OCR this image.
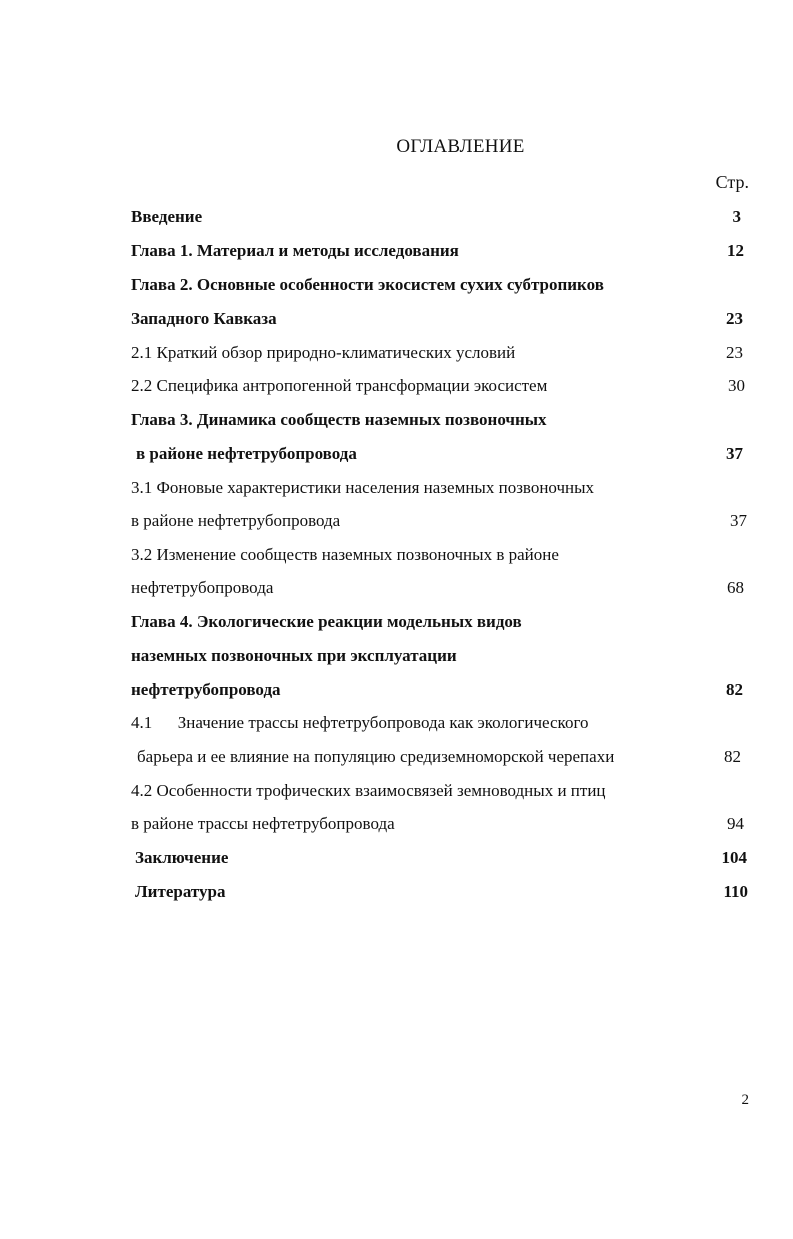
ОГЛАВЛЕНИЕ
Стр.
Введение	3
Глава 1. Материал и методы исследования	12
Глава 2. Основные особенности экосистем сухих субтропиков
Западного Кавказа	23
2.1 Краткий обзор природно-климатических условий	23
2.2 Специфика антропогенной трансформации экосистем	30
Глава 3. Динамика сообществ наземных позвоночных
в районе нефтетрубопровода	37
3.1 Фоновые характеристики населения наземных позвоночных
в районе нефтетрубопровода	37
3.2 Изменение сообществ наземных позвоночных в районе
нефтетрубопровода	68
Глава 4. Экологические реакции модельных видов
наземных позвоночных при эксплуатации
нефтетрубопровода	82
4.1      Значение трассы нефтетрубопровода как экологического
барьера и ее влияние на популяцию средиземноморской черепахи	82
4.2 Особенности трофических взаимосвязей земноводных и птиц
в районе трассы нефтетрубопровода	94
Заключение	104
Литература	110
2
